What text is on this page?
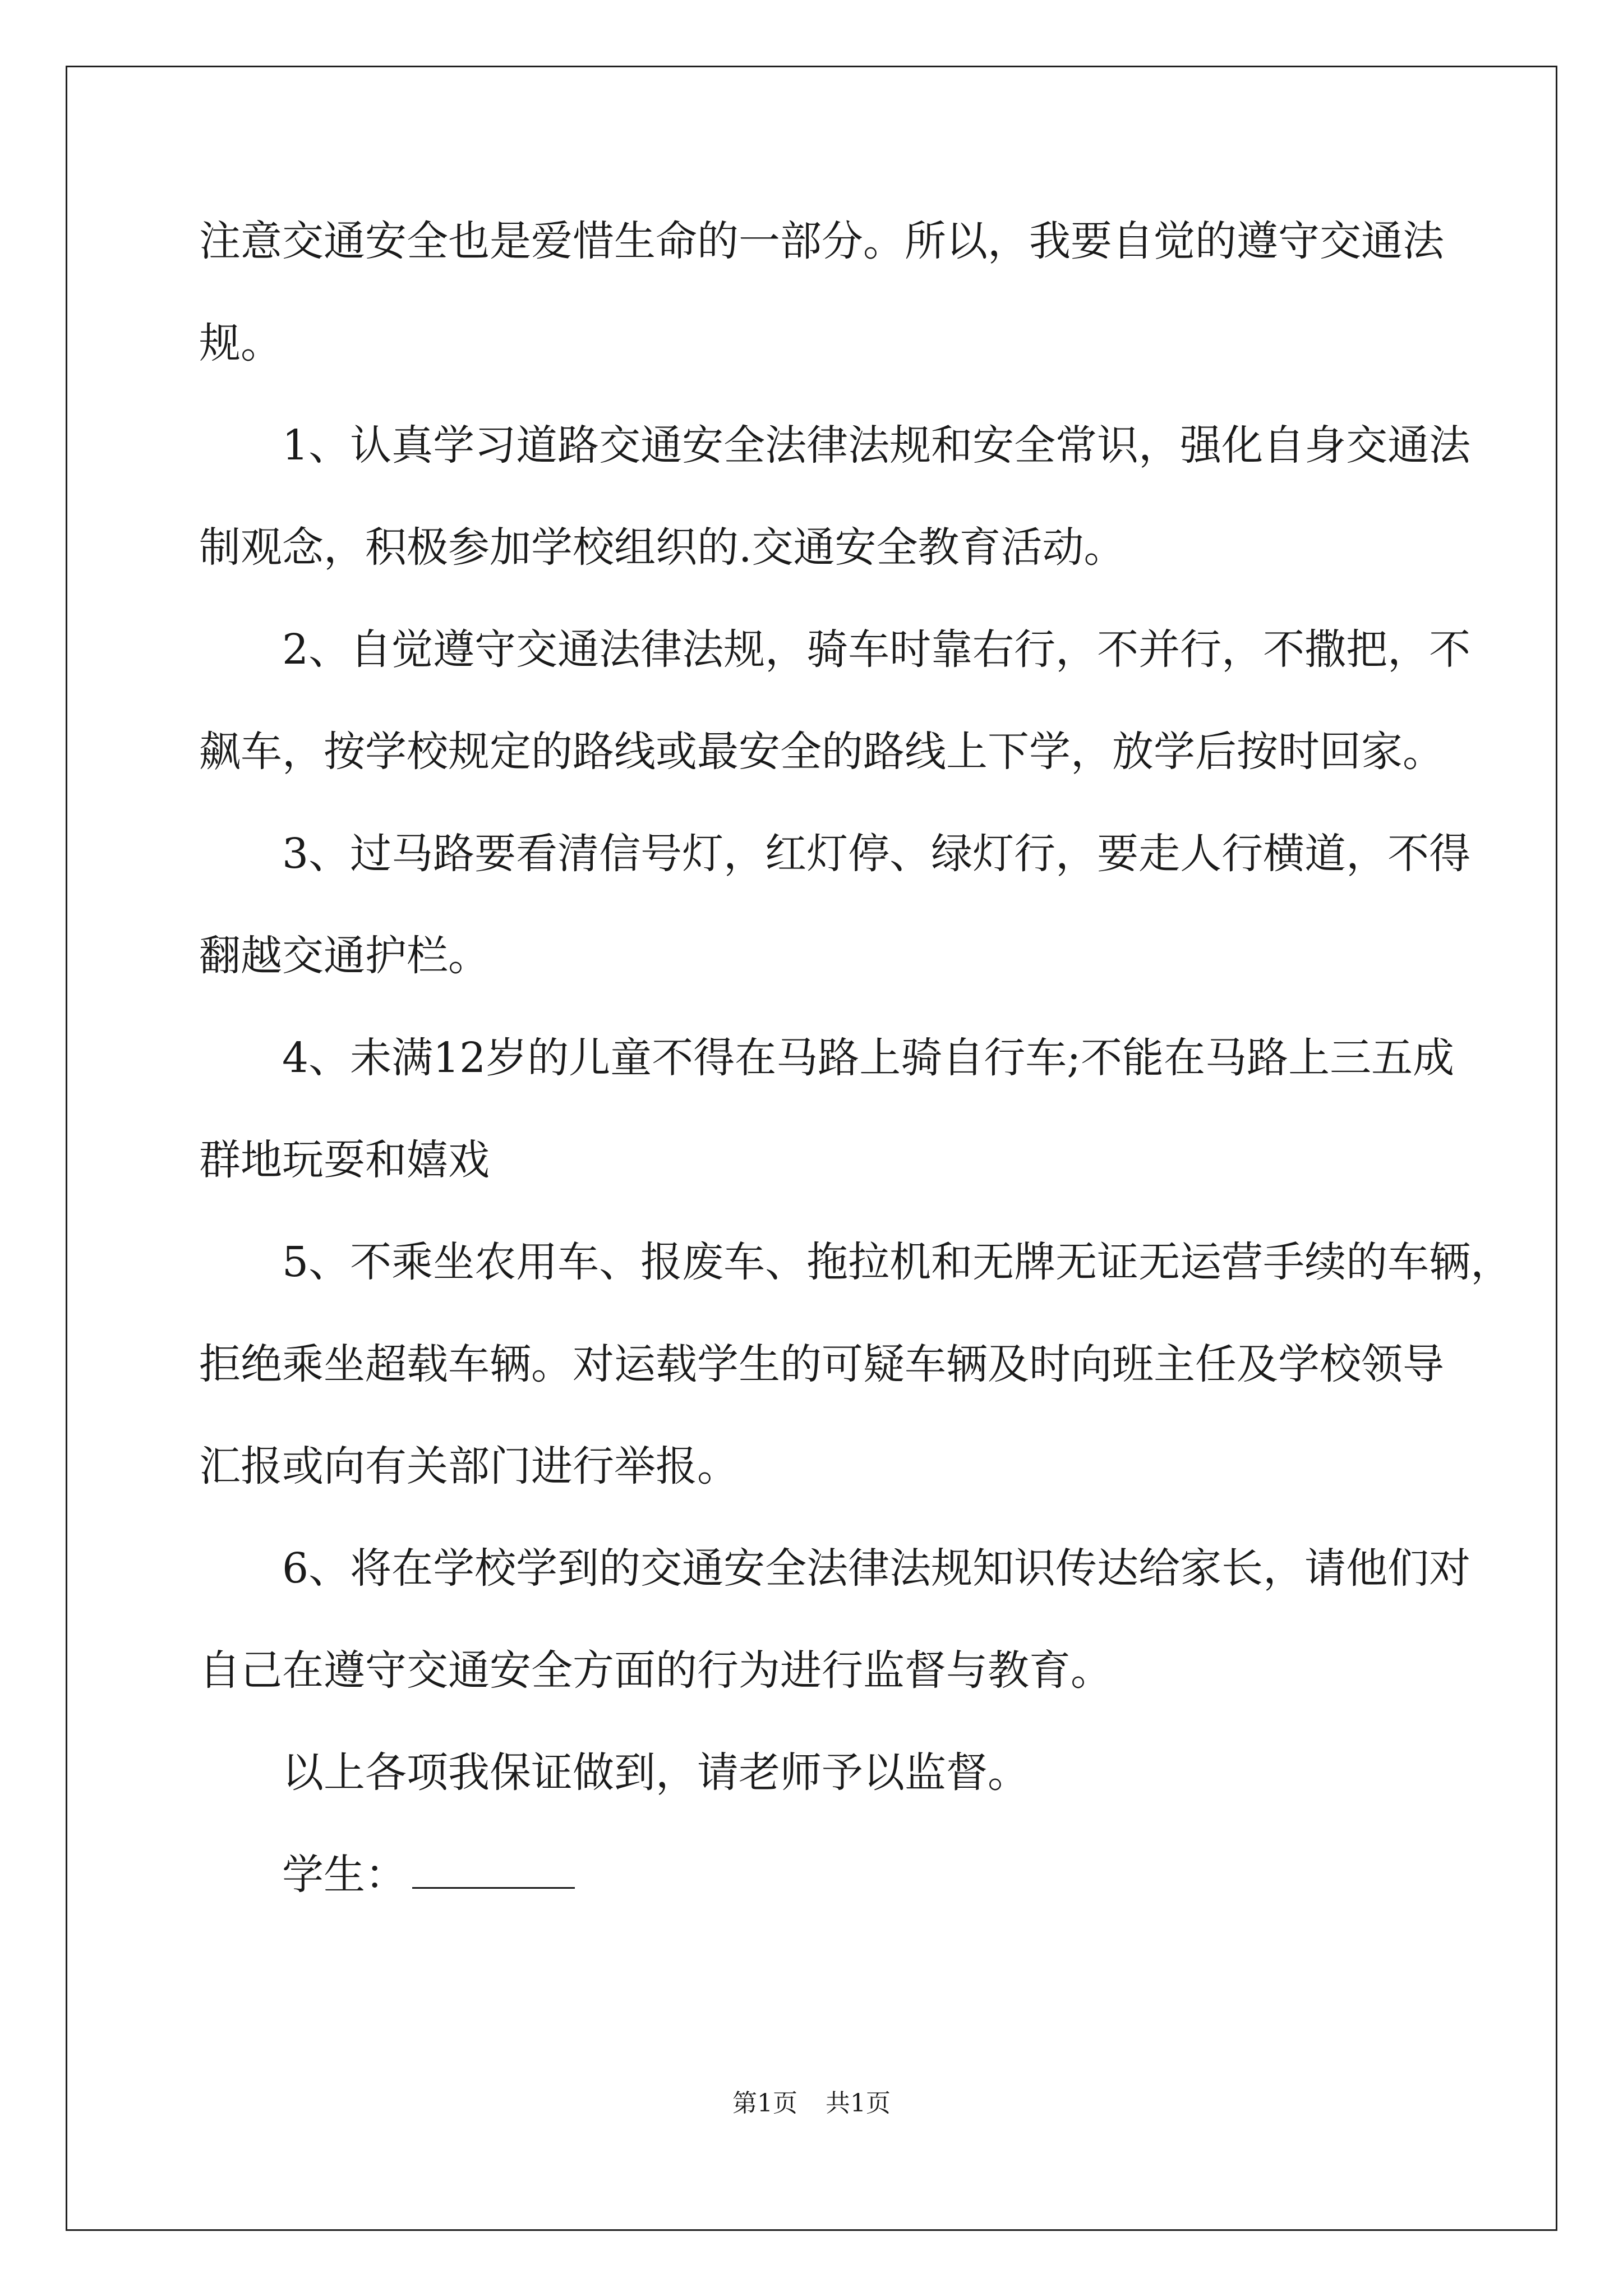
注意交通安全也是爱惜生命的一部分。所以，我要自觉的遵守交通法
规。
1、认真学习道路交通安全法律法规和安全常识，强化自身交通法
制观念，积极参加学校组织的.交通安全教育活动。
2、自觉遵守交通法律法规，骑车时靠右行，不并行，不撒把，不
飙车，按学校规定的路线或最安全的路线上下学，放学后按时回家。
3、过马路要看清信号灯，红灯停、绿灯行，要走人行横道，不得
翻越交通护栏。
4、未满12岁的儿童不得在马路上骑自行车;不能在马路上三五成
群地玩耍和嬉戏
5、不乘坐农用车、报废车、拖拉机和无牌无证无运营手续的车辆，
拒绝乘坐超载车辆。对运载学生的可疑车辆及时向班主任及学校领导
汇报或向有关部门进行举报。
6、将在学校学到的交通安全法律法规知识传达给家长，请他们对
自己在遵守交通安全方面的行为进行监督与教育。
以上各项我保证做到，请老师予以监督。
学生：
第1页 共1页
